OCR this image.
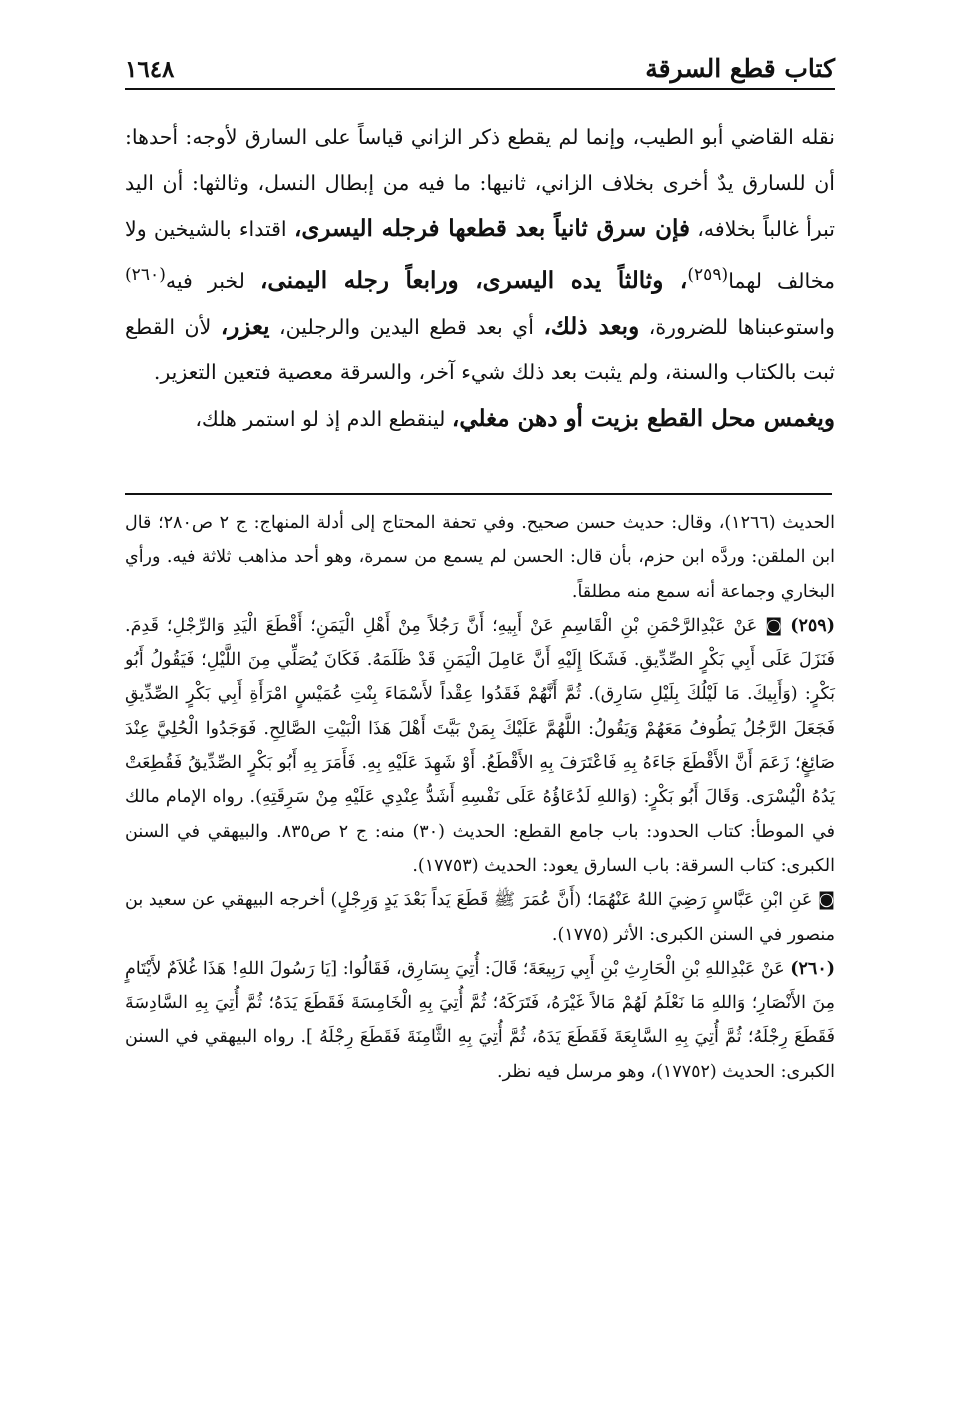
كتاب قطع السرقة
١٦٤٨

نقله القاضي أبو الطيب، وإنما لم يقطع ذكر الزاني قياساً على السارق لأوجه: أحدها: أن للسارق يدٌ أخرى بخلاف الزاني، ثانيها: ما فيه من إبطال النسل، وثالثها: أن اليد تبرأ غالباً بخلافه، فإن سرق ثانياً بعد قطعها فرجله اليسرى، اقتداء بالشيخين ولا مخالف لهما$^{(٢٥٩)}$، وثالثاً يده اليسرى، ورابعاً رجله اليمنى، لخبر فيه$^{(٢٦٠)}$ واستوعبناها للضرورة، وبعد ذلك، أي بعد قطع اليدين والرجلين، يعزر، لأن القطع ثبت بالكتاب والسنة، ولم يثبت بعد ذلك شيء آخر، والسرقة معصية فتعين التعزير.

ويغمس محل القطع بزيت أو دهن مغلي، لينقطع الدم إذ لو استمر هلك،

الحديث (١٢٦٦)، وقال: حديث حسن صحيح. وفي تحفة المحتاج إلى أدلة المنهاج: ج ٢ ص٢٨٠؛ قال ابن الملقن: وردَّه ابن حزم، بأن قال: الحسن لم يسمع من سمرة، وهو أحد مذاهب ثلاثة فيه. ورأي البخاري وجماعة أنه سمع منه مطلقاً.

(٢٥٩) ◙ عَنْ عَبْدِالرَّحْمَنِ بْنِ الْقَاسِمِ عَنْ أَبِيهِ؛ أَنَّ رَجُلاً مِنْ أَهْلِ الْيَمَنِ؛ أَقْطَعَ الْيَدِ وَالرِّجْلِ؛ قَدِمَ. فَنَزَلَ عَلَى أَبِي بَكْرٍ الصِّدِّيقِ. فَشَكَا إِلَيْهِ أَنَّ عَامِلَ الْيَمَنِ قَدْ ظَلَمَهُ. فَكَانَ يُصَلِّي مِنَ اللَّيْلِ؛ فَيَقُولُ أَبُو بَكْرٍ: (وَأَبِيكَ. مَا لَيْلُكَ بِلَيْلِ سَارِق). ثُمَّ أَنَّهُمْ فَقَدُوا عِقْداً لأَسْمَاءَ بِنْتِ عُمَيْسٍ امْرَأَةِ أَبِي بَكْرٍ الصِّدِّيقِ فَجَعَلَ الرَّجُلُ يَطُوفُ مَعَهُمْ وَيَقُولُ: اللَّهُمَّ عَلَيْكَ بِمَنْ بَيَّتَ أَهْلَ هَذَا الْبَيْتِ الصَّالِحِ. فَوَجَدُوا الْحُلِيَّ عِنْدَ صَائِغٍ؛ زَعَمَ أَنَّ الأَقْطَعَ جَاءَهُ بِهِ فَاعْتَرَفَ بِهِ الأَقْطَعُ. أَوْ شَهِدَ عَلَيْهِ بِهِ. فَأَمَرَ بِهِ أَبُو بَكْرٍ الصِّدِّيقُ فَقُطِعَتْ يَدُهُ الْيُسْرَى. وَقَالَ أَبُو بَكْرٍ: (وَاللهِ لَدُعَاؤُهُ عَلَى نَفْسِهِ أَشَدُّ عِنْدِي عَلَيْهِ مِنْ سَرِقَتِهِ). رواه الإمام مالك في الموطأ: كتاب الحدود: باب جامع القطع: الحديث (٣٠) منه: ج ٢ ص٨٣٥. والبيهقي في السنن الكبرى: كتاب السرقة: باب السارق يعود: الحديث (١٧٧٥٣).

◙ عَنِ ابْنِ عَبَّاسٍ رَضِيَ اللهُ عَنْهُمَا؛ (أَنَّ عُمَرَ ﷺ قَطَعَ يَداً بَعْدَ يَدٍ وَرِجْلٍ) أخرجه البيهقي عن سعيد بن منصور في السنن الكبرى: الأثر (١٧٧٥).

(٢٦٠) عَنْ عَبْدِاللهِ بْنِ الْحَارِثِ بْنِ أَبِي رَبِيعَةَ؛ قَالَ: أُتِيَ بِسَارِق، فَقَالُوا: [يَا رَسُولَ اللهِ! هَذَا غُلاَمٌ لأَيْتَامٍ مِنَ الأَنْصَارِ؛ وَاللهِ مَا نَعْلَمُ لَهُمْ مَالاً غَيْرَهُ، فَتَرَكَهُ؛ ثُمَّ أُتِيَ بِهِ الْخَامِسَةَ فَقَطَعَ يَدَهُ؛ ثُمَّ أُتِيَ بِهِ السَّادِسَةَ فَقَطَعَ رِجْلَهُ؛ ثُمَّ أُتِيَ بِهِ السَّابِعَةَ فَقَطَعَ يَدَهُ، ثُمَّ أُتِيَ بِهِ الثَّامِنَةَ فَقَطَعَ رِجْلَهُ ]. رواه البيهقي في السنن الكبرى: الحديث (١٧٧٥٢)، وهو مرسل فيه نظر.
